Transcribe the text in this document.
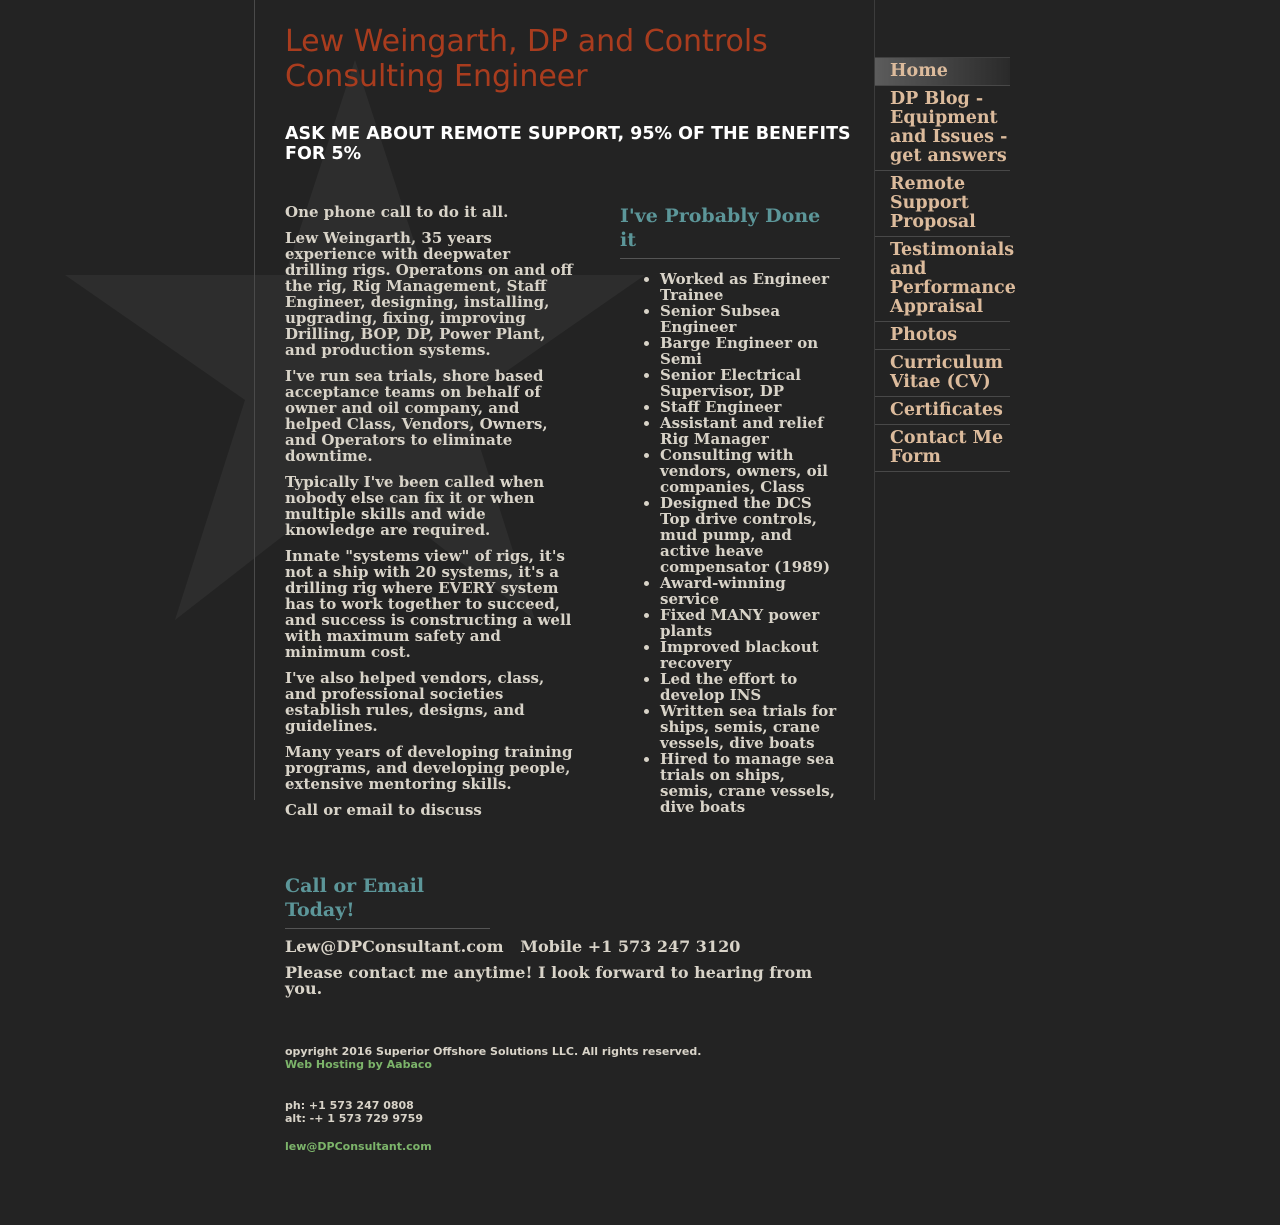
Lew Weingarth, DP and Controls Consulting Engineer
ASK ME ABOUT REMOTE SUPPORT, 95% OF THE BENEFITS FOR 5%

One phone call to do it all.

Lew Weingarth, 35 years experience with deepwater drilling rigs. Operatons on and off the rig, Rig Management, Staff Engineer, designing, installing, upgrading, fixing, improving Drilling, BOP, DP, Power Plant, and production systems.

I've run sea trials, shore based acceptance teams on behalf of owner and oil company, and helped Class, Vendors, Owners, and Operators to eliminate downtime.

Typically I've been called when nobody else can fix it or when multiple skills and wide knowledge are required.

Innate "systems view" of rigs, it's not a ship with 20 systems, it's a drilling rig where EVERY system has to work together to succeed, and success is constructing a well with maximum safety and minimum cost.

I've also helped vendors, class, and professional societies establish rules, designs, and guidelines.

Many years of developing training programs, and developing people, extensive mentoring skills.

Call or email to discuss

I've Probably Done it
• Worked as Engineer Trainee
• Senior Subsea Engineer
• Barge Engineer on Semi
• Senior Electrical Supervisor, DP
• Staff Engineer
• Assistant and relief Rig Manager
• Consulting with vendors, owners, oil companies, Class
• Designed the DCS Top drive controls, mud pump, and active heave compensator (1989)
• Award-winning service
• Fixed MANY power plants
• Improved blackout recovery
• Led the effort to develop INS
• Written sea trials for ships, semis, crane vessels, dive boats
• Hired to manage sea trials on ships, semis, crane vessels, dive boats
Home
DP Blog -
Equipment
and Issues -
get answers
Remote
Support
Proposal
Testimonials
and
Performance
Appraisal
Photos
Curriculum
Vitae (CV)
Certificates
Contact Me
Form
Call or Email Today!

Lew@DPConsultant.com   Mobile +1 573 247 3120

Please contact me anytime! I look forward to hearing from you.

opyright 2016 Superior Offshore Solutions LLC. All rights reserved.

Web Hosting by Aabaco

ph: +1 573 247 0808

alt: -+ 1 573 729 9759

lew@DPConsultant.com
